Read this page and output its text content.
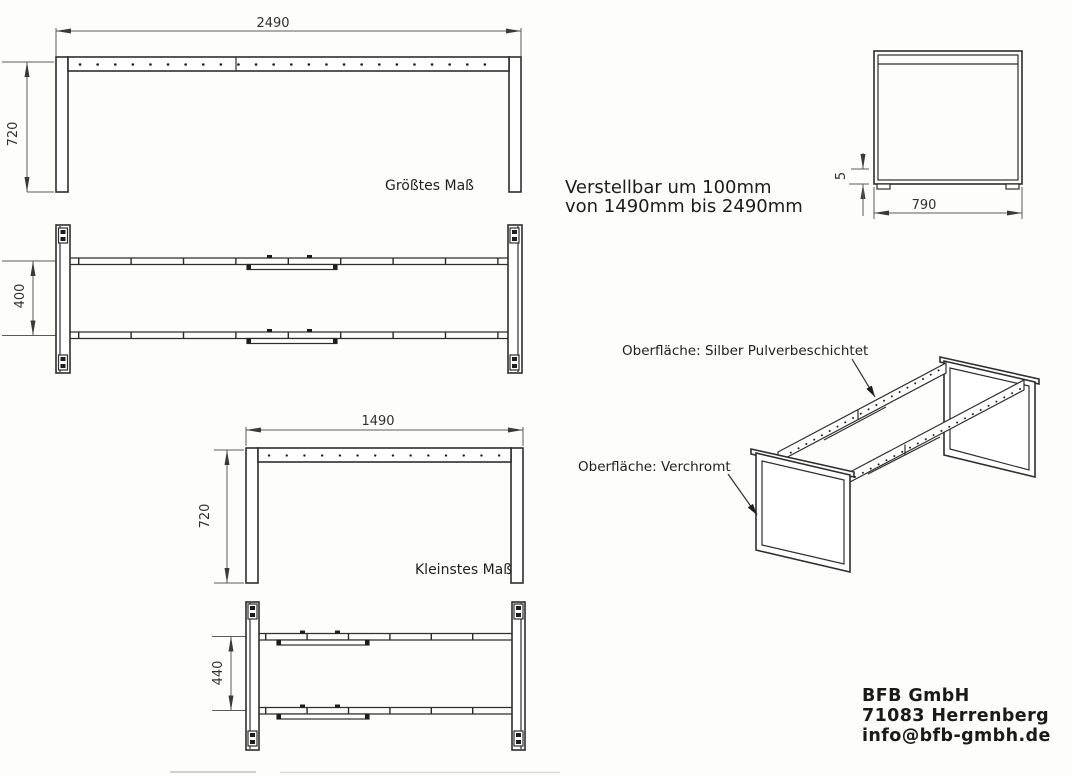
2490
720
Größtes Maß
400
1490
720
Kleinstes Maß
440
790
5
Oberfläche: Silber Pulverbeschichtet
Oberfläche: Verchromt
Verstellbar um 100mm
von 1490mm bis 2490mm
BFB GmbH
71083 Herrenberg
info@bfb-gmbh.de
